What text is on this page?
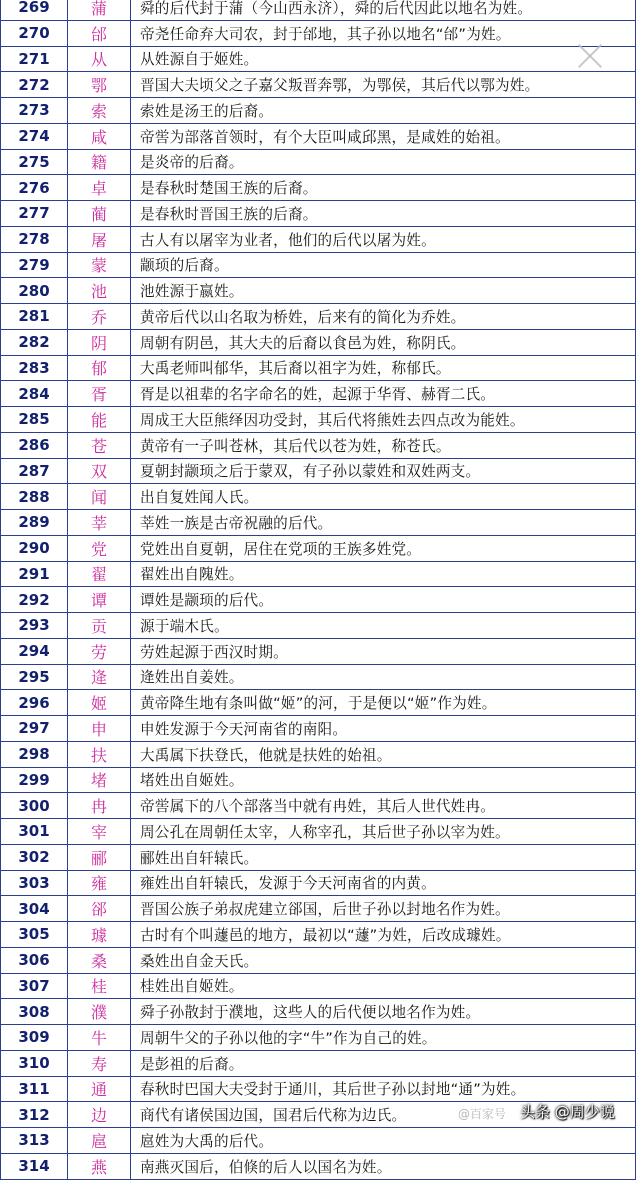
269	蒲	舜的后代封于蒲（今山西永济），舜的后代因此以地名为姓。
270	邰	帝尧任命弃大司农，封于邰地，其子孙以地名“邰”为姓。
271	从	从姓源自于姬姓。
272	鄂	晋国大夫顷父之子嘉父叛晋奔鄂，为鄂侯，其后代以鄂为姓。
273	索	索姓是汤王的后裔。
274	咸	帝喾为部落首领时，有个大臣叫咸邱黑，是咸姓的始祖。
275	籍	是炎帝的后裔。
276	卓	是春秋时楚国王族的后裔。
277	蔺	是春秋时晋国王族的后裔。
278	屠	古人有以屠宰为业者，他们的后代以屠为姓。
279	蒙	颛顼的后裔。
280	池	池姓源于嬴姓。
281	乔	黄帝后代以山名取为桥姓，后来有的简化为乔姓。
282	阴	周朝有阴邑，其大夫的后裔以食邑为姓，称阴氏。
283	郁	大禹老师叫郁华，其后裔以祖字为姓，称郁氏。
284	胥	胥是以祖辈的名字命名的姓，起源于华胥、赫胥二氏。
285	能	周成王大臣熊绎因功受封，其后代将熊姓去四点改为能姓。
286	苍	黄帝有一子叫苍林，其后代以苍为姓，称苍氏。
287	双	夏朝封颛顼之后于蒙双，有子孙以蒙姓和双姓两支。
288	闻	出自复姓闻人氏。
289	莘	莘姓一族是古帝祝融的后代。
290	党	党姓出自夏朝，居住在党项的王族多姓党。
291	翟	翟姓出自隗姓。
292	谭	谭姓是颛顼的后代。
293	贡	源于端木氏。
294	劳	劳姓起源于西汉时期。
295	逄	逄姓出自姜姓。
296	姬	黄帝降生地有条叫做“姬”的河，于是便以“姬”作为姓。
297	申	申姓发源于今天河南省的南阳。
298	扶	大禹属下扶登氏，他就是扶姓的始祖。
299	堵	堵姓出自姬姓。
300	冉	帝喾属下的八个部落当中就有冉姓，其后人世代姓冉。
301	宰	周公孔在周朝任太宰，人称宰孔，其后世子孙以宰为姓。
302	郦	郦姓出自轩辕氏。
303	雍	雍姓出自轩辕氏，发源于今天河南省的内黄。
304	郤	晋国公族子弟叔虎建立郤国，后世子孙以封地名作为姓。
305	璩	古时有个叫蘧邑的地方，最初以“蘧”为姓，后改成璩姓。
306	桑	桑姓出自金天氏。
307	桂	桂姓出自姬姓。
308	濮	舜子孙散封于濮地，这些人的后代便以地名作为姓。
309	牛	周朝牛父的子孙以他的字“牛”作为自己的姓。
310	寿	是彭祖的后裔。
311	通	春秋时巴国大夫受封于通川，其后世子孙以封地“通”为姓。
312	边	商代有诸侯国边国，国君后代称为边氏。
313	扈	扈姓为大禹的后代。
314	燕	南燕灭国后，伯倏的后人以国名为姓。
@百家号 头条 @周少说
